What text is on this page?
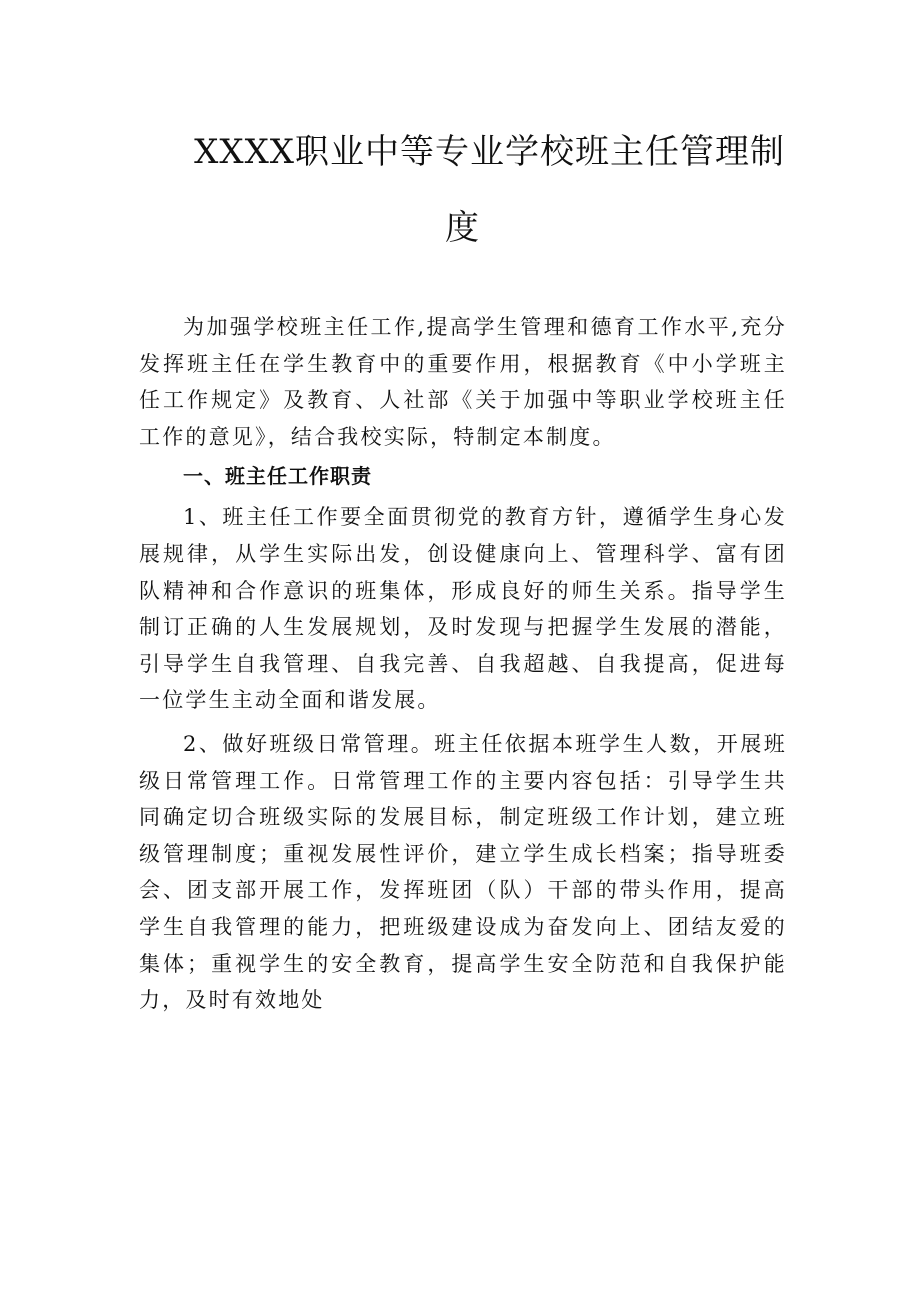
XXXX职业中等专业学校班主任管理制
度

为加强学校班主任工作,提高学生管理和德育工作水平,充分发挥班主任在学生教育中的重要作用，根据教育《中小学班主任工作规定》及教育、人社部《关于加强中等职业学校班主任工作的意见》，结合我校实际，特制定本制度。

一、班主任工作职责

1、班主任工作要全面贯彻党的教育方针，遵循学生身心发展规律，从学生实际出发，创设健康向上、管理科学、富有团队精神和合作意识的班集体，形成良好的师生关系。指导学生制订正确的人生发展规划，及时发现与把握学生发展的潜能，引导学生自我管理、自我完善、自我超越、自我提高，促进每一位学生主动全面和谐发展。

2、做好班级日常管理。班主任依据本班学生人数，开展班级日常管理工作。日常管理工作的主要内容包括：引导学生共同确定切合班级实际的发展目标，制定班级工作计划，建立班级管理制度；重视发展性评价，建立学生成长档案；指导班委会、团支部开展工作，发挥班团（队）干部的带头作用，提高学生自我管理的能力，把班级建设成为奋发向上、团结友爱的集体；重视学生的安全教育，提高学生安全防范和自我保护能力，及时有效地处
